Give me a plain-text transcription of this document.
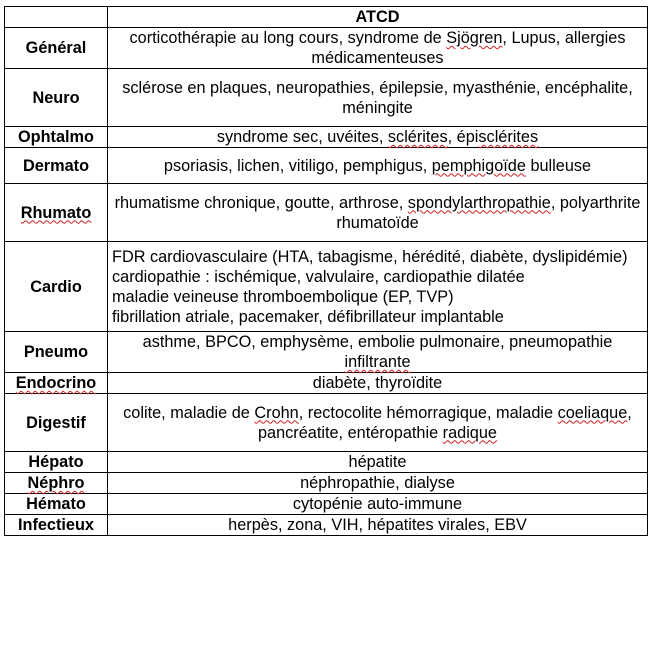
	ATCD
Général	corticothérapie au long cours, syndrome de Sjögren, Lupus, allergies médicamenteuses

Neuro	sclérose en plaques, neuropathies, épilepsie, myasthénie, encéphalite, méningite

Ophtalmo	syndrome sec, uvéites, sclérites, épisclérites

Dermato	psoriasis, lichen, vitiligo, pemphigus, pemphigoïde bulleuse

Rhumato	rhumatisme chronique, goutte, arthrose, spondylarthropathie, polyarthrite rhumatoïde

Cardio	FDR cardiovasculaire (HTA, tabagisme, hérédité, diabète, dyslipidémie)
cardiopathie : ischémique, valvulaire, cardiopathie dilatée
maladie veineuse thromboembolique (EP, TVP)
fibrillation atriale, pacemaker, défibrillateur implantable

Pneumo	asthme, BPCO, emphysème, embolie pulmonaire, pneumopathie infiltrante

Endocrino	diabète, thyroïdite

Digestif	colite, maladie de Crohn, rectocolite hémorragique, maladie coeliaque, pancréatite, entéropathie radique

Hépato	hépatite

Néphro	néphropathie, dialyse

Hémato	cytopénie auto-immune

Infectieux	herpès, zona, VIH, hépatites virales, EBV
